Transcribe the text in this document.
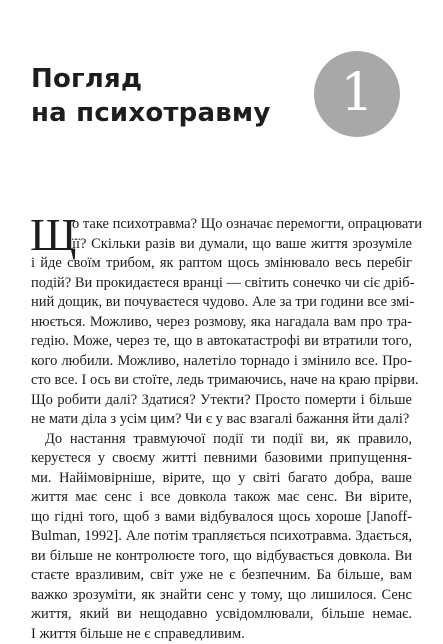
Погляд
на психотравму 1
Щ
о таке психотравма? Що означає перемогти, опрацювати
її? Скільки разів ви думали, що ваше життя зрозуміле
і йде своїм трибом, як раптом щось змінювало весь перебіг
подій? Ви прокидаєтеся вранці — світить сонечко чи сіє дріб-
ний дощик, ви почуваєтеся чудово. Але за три години все змі-
нюється. Можливо, через розмову, яка нагадала вам про тра-
гедію. Може, через те, що в автокатастрофі ви втратили того,
кого любили. Можливо, налетіло торнадо і змінило все. Про-
сто все. І ось ви стоїте, ледь тримаючись, наче на краю прірви.
Що робити далі? Здатися? Утекти? Просто померти і більше
не мати діла з усім цим? Чи є у вас взагалі бажання йти далі?
До настання травмуючої події ти події ви, як правило,
керуєтеся у своєму житті певними базовими припущення-
ми. Найімовірніше, вірите, що у світі багато добра, ваше
життя має сенс і все довкола також має сенс. Ви вірите,
що гідні того, щоб з вами відбувалося щось хороше [Janoff-
Bulman, 1992]. Але потім трапляється психотравма. Здається,
ви більше не контролюєте того, що відбувається довкола. Ви
стаєте вразливим, світ уже не є безпечним. Ба більше, вам
важко зрозуміти, як знайти сенс у тому, що лишилося. Сенс
життя, який ви нещодавно усвідомлювали, більше немає.
І життя більше не є справедливим.
